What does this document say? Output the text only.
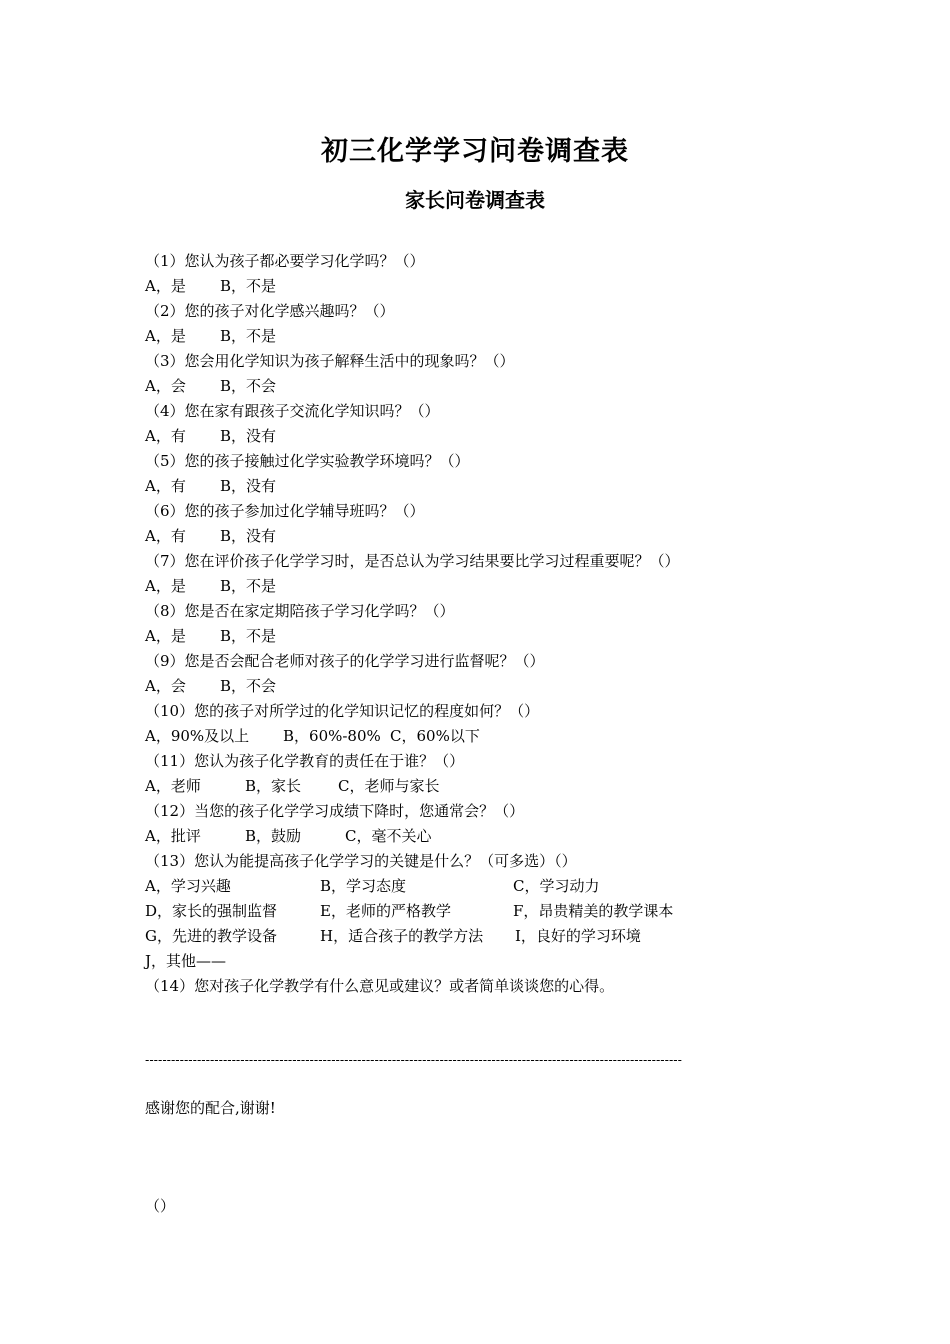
初三化学学习问卷调查表
家长问卷调查表
（1）您认为孩子都必要学习化学吗？（）
A，是 B，不是
（2）您的孩子对化学感兴趣吗？（）
A，是 B，不是
（3）您会用化学知识为孩子解释生活中的现象吗？（）
A，会 B，不会
（4）您在家有跟孩子交流化学知识吗？（）
A，有 B，没有
（5）您的孩子接触过化学实验教学环境吗？（）
A，有 B，没有
（6）您的孩子参加过化学辅导班吗？（）
A，有 B，没有
（7）您在评价孩子化学学习时，是否总认为学习结果要比学习过程重要呢？（）
A，是 B，不是
（8）您是否在家定期陪孩子学习化学吗？（）
A，是 B，不是
（9）您是否会配合老师对孩子的化学学习进行监督呢？（）
A，会 B，不会
（10）您的孩子对所学过的化学知识记忆的程度如何？（）
A，90%及以上 B，60%-80% C，60%以下
（11）您认为孩子化学教育的责任在于谁？（）
A，老师	B，家长 C，老师与家长
（12）当您的孩子化学学习成绩下降时，您通常会？（）
A，批评	B，鼓励	C，毫不关心
（13）您认为能提高孩子化学学习的关键是什么？（可多选）（）
A，学习兴趣	B，学习态度	C，学习动力
D，家长的强制监督	E，老师的严格教学	F，昂贵精美的教学课本
G，先进的教学设备	H，适合孩子的教学方法 I，良好的学习环境
J，其他——
（14）您对孩子化学教学有什么意见或建议？或者简单谈谈您的心得。
----------------------------------------------------------------------------------------------------------------------------
感谢您的配合,谢谢!
（）
